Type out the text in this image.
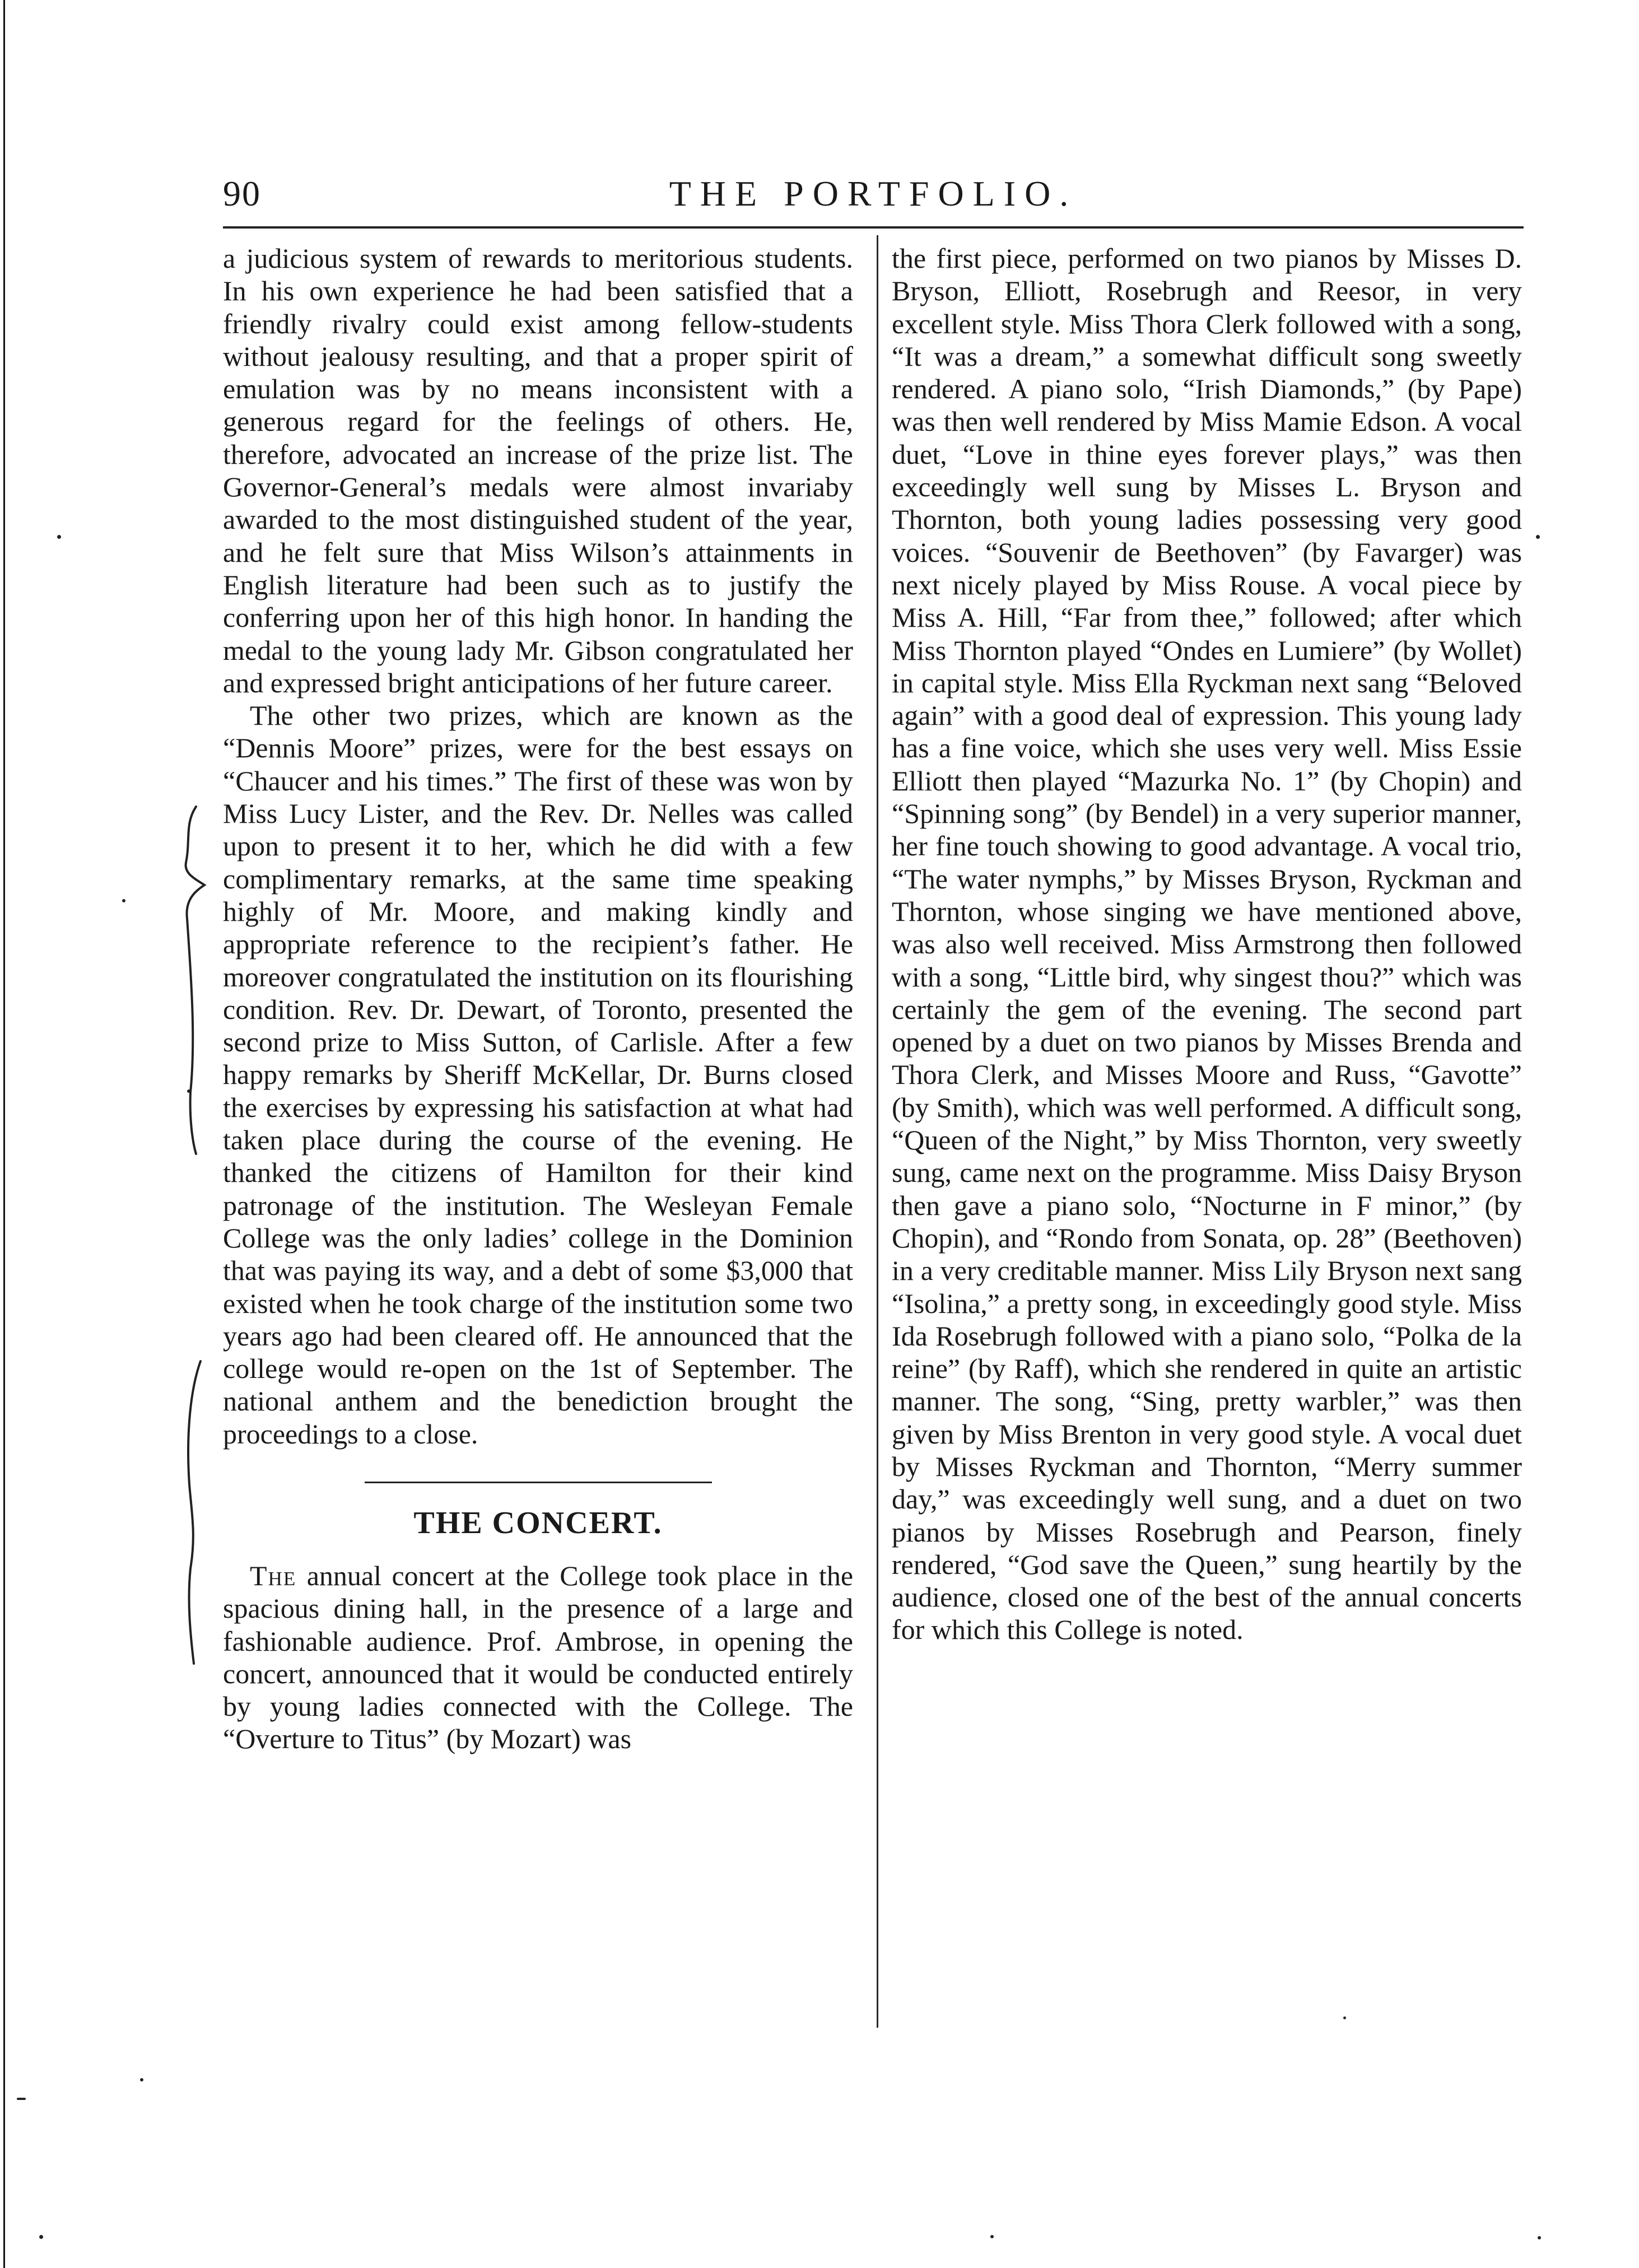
90	THE PORTFOLIO.

a judicious system of rewards to meritorious students. In his own experience he had been satisfied that a friendly rivalry could exist among fellow-students without jealousy resulting, and that a proper spirit of emulation was by no means inconsistent with a generous regard for the feelings of others. He, therefore, advocated an increase of the prize list. The Governor-General’s medals were almost invariaby awarded to the most distinguished student of the year, and he felt sure that Miss Wilson’s attainments in English literature had been such as to justify the conferring upon her of this high honor. In handing the medal to the young lady Mr. Gibson congratulated her and expressed bright anticipations of her future career.

The other two prizes, which are known as the “Dennis Moore” prizes, were for the best essays on “Chaucer and his times.” The first of these was won by Miss Lucy Lister, and the Rev. Dr. Nelles was called upon to present it to her, which he did with a few complimentary remarks, at the same time speaking highly of Mr. Moore, and making kindly and appropriate reference to the recipient’s father. He moreover congratulated the institution on its flourishing condition. Rev. Dr. Dewart, of Toronto, presented the second prize to Miss Sutton, of Carlisle. After a few happy remarks by Sheriff McKellar, Dr. Burns closed the exercises by expressing his satisfaction at what had taken place during the course of the evening. He thanked the citizens of Hamilton for their kind patronage of the institution. The Wesleyan Female College was the only ladies’ college in the Dominion that was paying its way, and a debt of some $3,000 that existed when he took charge of the institution some two years ago had been cleared off. He announced that the college would re-open on the 1st of September. The national anthem and the benediction brought the proceedings to a close.

THE CONCERT.

The annual concert at the College took place in the spacious dining hall, in the presence of a large and fashionable audience. Prof. Ambrose, in opening the concert, announced that it would be conducted entirely by young ladies connected with the College. The “Overture to Titus” (by Mozart) was

the first piece, performed on two pianos by Misses D. Bryson, Elliott, Rosebrugh and Reesor, in very excellent style. Miss Thora Clerk followed with a song, “It was a dream,” a somewhat difficult song sweetly rendered. A piano solo, “Irish Diamonds,” (by Pape) was then well rendered by Miss Mamie Edson. A vocal duet, “Love in thine eyes forever plays,” was then exceedingly well sung by Misses L. Bryson and Thornton, both young ladies possessing very good voices. “Souvenir de Beethoven” (by Favarger) was next nicely played by Miss Rouse. A vocal piece by Miss A. Hill, “Far from thee,” followed; after which Miss Thornton played “Ondes en Lumiere” (by Wollet) in capital style. Miss Ella Ryckman next sang “Beloved again” with a good deal of expression. This young lady has a fine voice, which she uses very well. Miss Essie Elliott then played “Mazurka No. 1” (by Chopin) and “Spinning song” (by Bendel) in a very superior manner, her fine touch showing to good advantage. A vocal trio, “The water nymphs,” by Misses Bryson, Ryckman and Thornton, whose singing we have mentioned above, was also well received. Miss Armstrong then followed with a song, “Little bird, why singest thou?” which was certainly the gem of the evening. The second part opened by a duet on two pianos by Misses Brenda and Thora Clerk, and Misses Moore and Russ, “Gavotte” (by Smith), which was well performed. A difficult song, “Queen of the Night,” by Miss Thornton, very sweetly sung, came next on the programme. Miss Daisy Bryson then gave a piano solo, “Nocturne in F minor,” (by Chopin), and “Rondo from Sonata, op. 28” (Beethoven) in a very creditable manner. Miss Lily Bryson next sang “Isolina,” a pretty song, in exceedingly good style. Miss Ida Rosebrugh followed with a piano solo, “Polka de la reine” (by Raff), which she rendered in quite an artistic manner. The song, “Sing, pretty warbler,” was then given by Miss Brenton in very good style. A vocal duet by Misses Ryckman and Thornton, “Merry summer day,” was exceedingly well sung, and a duet on two pianos by Misses Rosebrugh and Pearson, finely rendered, “God save the Queen,” sung heartily by the audience, closed one of the best of the annual concerts for which this College is noted.
